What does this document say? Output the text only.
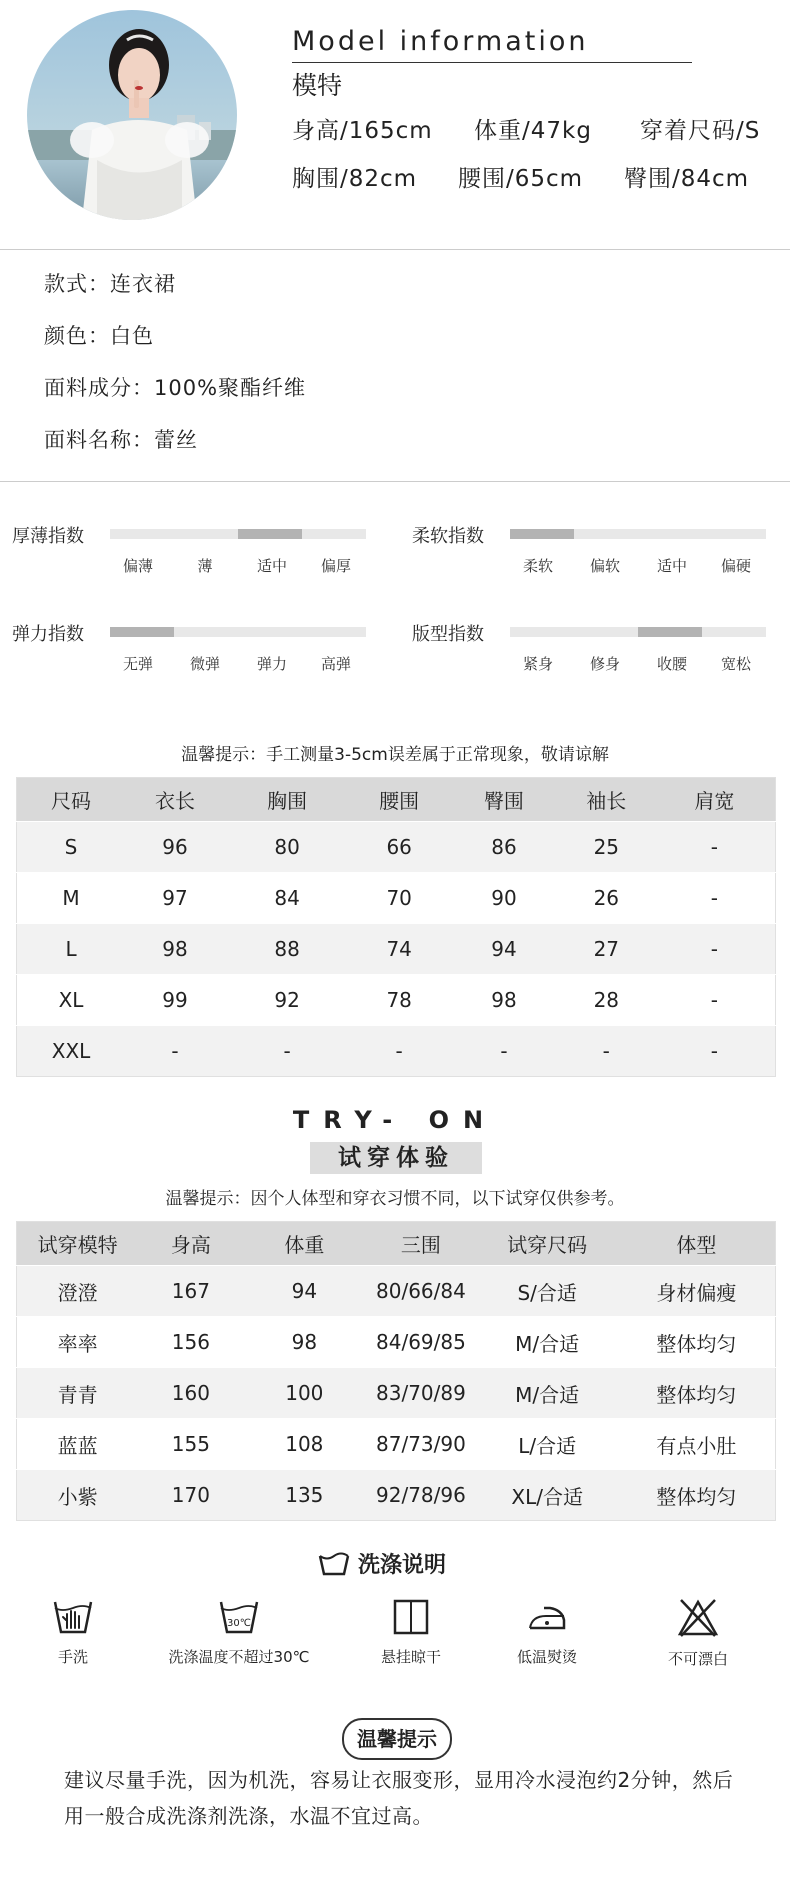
Model information
模特
身高/165cm 体重/47kg 穿着尺码/S
胸围/82cm 腰围/65cm 臀围/84cm
款式：连衣裙
颜色：白色
面料成分：100%聚酯纤维
面料名称：蕾丝
厚薄指数
偏薄	薄	适中	偏厚
柔软指数
柔软	偏软	适中	偏硬
弹力指数
无弹	微弹	弹力	高弹
版型指数
紧身	修身	收腰	宽松
温馨提示：手工测量3-5cm误差属于正常现象，敬请谅解
尺码	衣长	胸围	腰围	臀围	袖长	肩宽
S	96	80	66	86	25	-
M	97	84	70	90	26	-
L	98	88	74	94	27	-
XL	99	92	78	98	28	-
XXL	-	-	-	-	-	-
TRY- ON
试穿体验
温馨提示：因个人体型和穿衣习惯不同，以下试穿仅供参考。
试穿模特	身高	体重	三围	试穿尺码	体型
澄澄	167	94	80/66/84	S/合适	身材偏瘦
率率	156	98	84/69/85	M/合适	整体均匀
青青	160	100	83/70/89	M/合适	整体均匀
蓝蓝	155	108	87/73/90	L/合适	有点小肚
小紫	170	135	92/78/96	XL/合适	整体均匀
洗涤说明
手洗
30℃
洗涤温度不超过30℃	悬挂晾干	低温熨烫	不可漂白
温馨提示
建议尽量手洗，因为机洗，容易让衣服变形，显用冷水浸泡约2分钟，然后用一般合成洗涤剂洗涤，水温不宜过高。
